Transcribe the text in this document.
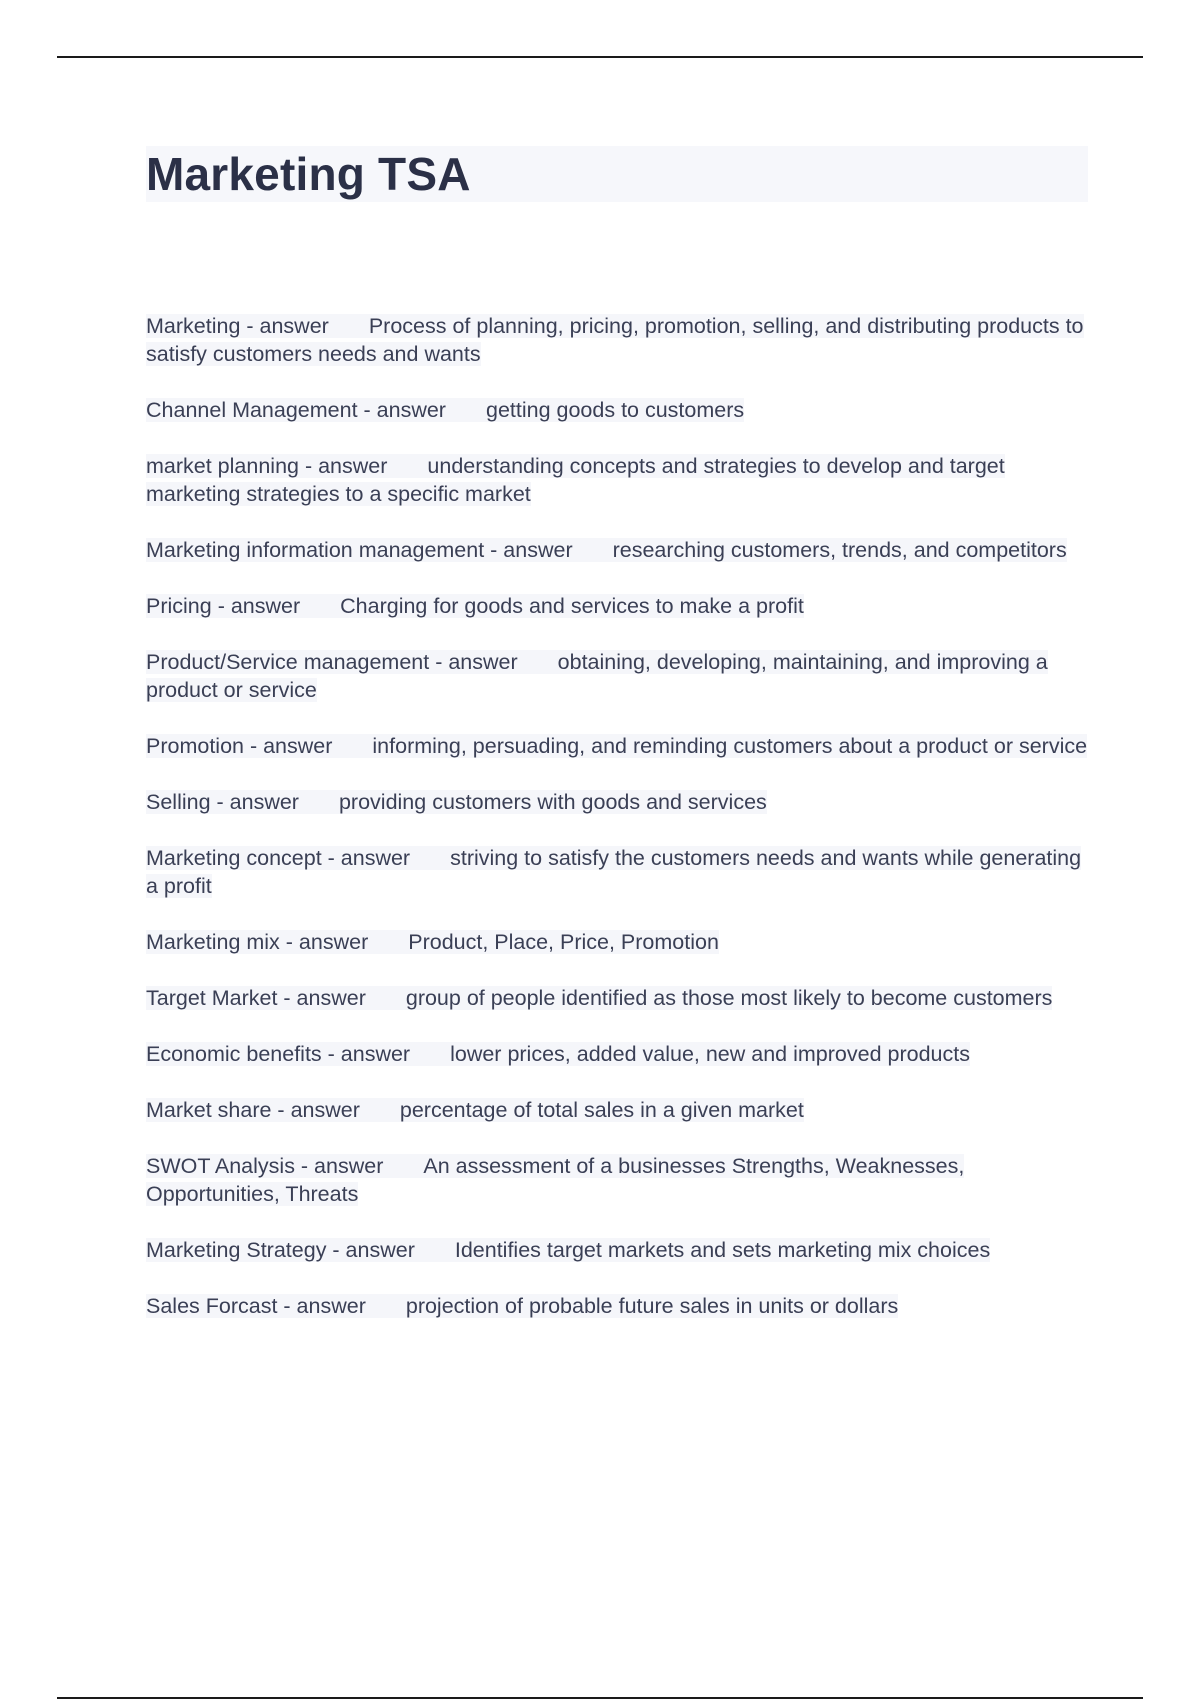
Marketing TSA

Marketing - answer Process of planning, pricing, promotion, selling, and distributing products to satisfy customers needs and wants

Channel Management - answer getting goods to customers

market planning - answer understanding concepts and strategies to develop and target marketing strategies to a specific market

Marketing information management - answer researching customers, trends, and competitors

Pricing - answer Charging for goods and services to make a profit

Product/Service management - answer obtaining, developing, maintaining, and improving a product or service

Promotion - answer informing, persuading, and reminding customers about a product or service

Selling - answer providing customers with goods and services

Marketing concept - answer striving to satisfy the customers needs and wants while generating a profit

Marketing mix - answer Product, Place, Price, Promotion

Target Market - answer group of people identified as those most likely to become customers

Economic benefits - answer lower prices, added value, new and improved products

Market share - answer percentage of total sales in a given market

SWOT Analysis - answer An assessment of a businesses Strengths, Weaknesses, Opportunities, Threats

Marketing Strategy - answer Identifies target markets and sets marketing mix choices

Sales Forcast - answer projection of probable future sales in units or dollars
